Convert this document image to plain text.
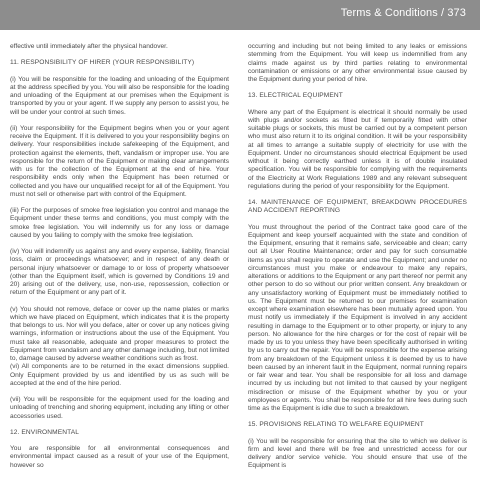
Terms & Conditions / 373

effective until immediately after the physical handover.

11. RESPONSIBILITY OF HIRER (YOUR RESPONSIBILITY)

(i) You will be responsible for the loading and unloading of the Equipment at the address specified by you. You will also be responsible for the loading and unloading of the Equipment at our premises when the Equipment is transported by you or your agent. If we supply any person to assist you, he will be under your control at such times.

(ii) Your responsibility for the Equipment begins when you or your agent receive the Equipment. If it is delivered to you your responsibility begins on delivery. Your responsibilities include safekeeping of the Equipment, and protection against the elements, theft, vandalism or improper use. You are responsible for the return of the Equipment or making clear arrangements with us for the collection of the Equipment at the end of hire. Your responsibility ends only when the Equipment has been returned or collected and you have our unqualified receipt for all of the Equipment. You must not sell or otherwise part with control of the Equipment.

(iii) For the purposes of smoke free legislation you control and manage the Equipment under these terms and conditions, you must comply with the smoke free legislation. You will indemnify us for any loss or damage caused by you failing to comply with the smoke free legislation.

(iv) You will indemnify us against any and every expense, liability, financial loss, claim or proceedings whatsoever; and in respect of any death or personal injury whatsoever or damage to or loss of property whatsoever (other than the Equipment itself, which is governed by Conditions 19 and 20) arising out of the delivery, use, non-use, repossession, collection or return of the Equipment or any part of it.

(v) You should not remove, deface or cover up the name plates or marks which we have placed on Equipment, which indicates that it is the property that belongs to us. Nor will you deface, alter or cover up any notices giving warnings, information or instructions about the use of the Equipment. You must take all reasonable, adequate and proper measures to protect the Equipment from vandalism and any other damage including, but not limited to, damage caused by adverse weather conditions such as frost.

(vi) All components are to be returned in the exact dimensions supplied. Only Equipment provided by us and identified by us as such will be accepted at the end of the hire period.

(vii) You will be responsible for the equipment used for the loading and unloading of trenching and shoring equipment, including any lifting or other accessories used.

12. ENVIRONMENTAL

You are responsible for all environmental consequences and environmental impact caused as a result of your use of the Equipment, however so

occurring and including but not being limited to any leaks or emissions stemming from the Equipment. You will keep us indemnified from any claims made against us by third parties relating to environmental contamination or emissions or any other environmental issue caused by the Equipment during your period of hire.

13. ELECTRICAL EQUIPMENT

Where any part of the Equipment is electrical it should normally be used with plugs and/or sockets as fitted but if temporarily fitted with other suitable plugs or sockets, this must be carried out by a competent person who must also return it to its original condition. It will be your responsibility at all times to arrange a suitable supply of electricity for use with the Equipment. Under no circumstances should electrical Equipment be used without it being correctly earthed unless it is of double insulated specification. You will be responsible for complying with the requirements of the Electricity at Work Regulations 1989 and any relevant subsequent regulations during the period of your responsibility for the Equipment.

14. MAINTENANCE OF EQUIPMENT, BREAKDOWN PROCEDURES AND ACCIDENT REPORTING

You must throughout the period of the Contract take good care of the Equipment and keep yourself acquainted with the state and condition of the Equipment, ensuring that it remains safe, serviceable and clean; carry out all User Routine Maintenance; order and pay for such consumable items as you shall require to operate and use the Equipment; and under no circumstances must you make or endeavour to make any repairs, alterations or additions to the Equipment or any part thereof nor permit any other person to do so without our prior written consent. Any breakdown or any unsatisfactory working of Equipment must be immediately notified to us. The Equipment must be returned to our premises for examination except where examination elsewhere has been mutually agreed upon. You must notify us immediately if the Equipment is involved in any accident resulting in damage to the Equipment or to other property, or injury to any person. No allowance for the hire charges or for the cost of repair will be made by us to you unless they have been specifically authorised in writing by us to carry out the repair. You will be responsible for the expense arising from any breakdown of the Equipment unless it is deemed by us to have been caused by an inherent fault in the Equipment, normal running repairs or fair wear and tear. You shall be responsible for all loss and damage incurred by us including but not limited to that caused by your negligent misdirection or misuse of the Equipment whether by you or your employees or agents. You shall be responsible for all hire fees during such time as the Equipment is idle due to such a breakdown.

15. PROVISIONS RELATING TO WELFARE EQUIPMENT

(i) You will be responsible for ensuring that the site to which we deliver is firm and level and there will be free and unrestricted access for our delivery and/or service vehicle. You should ensure that use of the Equipment is
